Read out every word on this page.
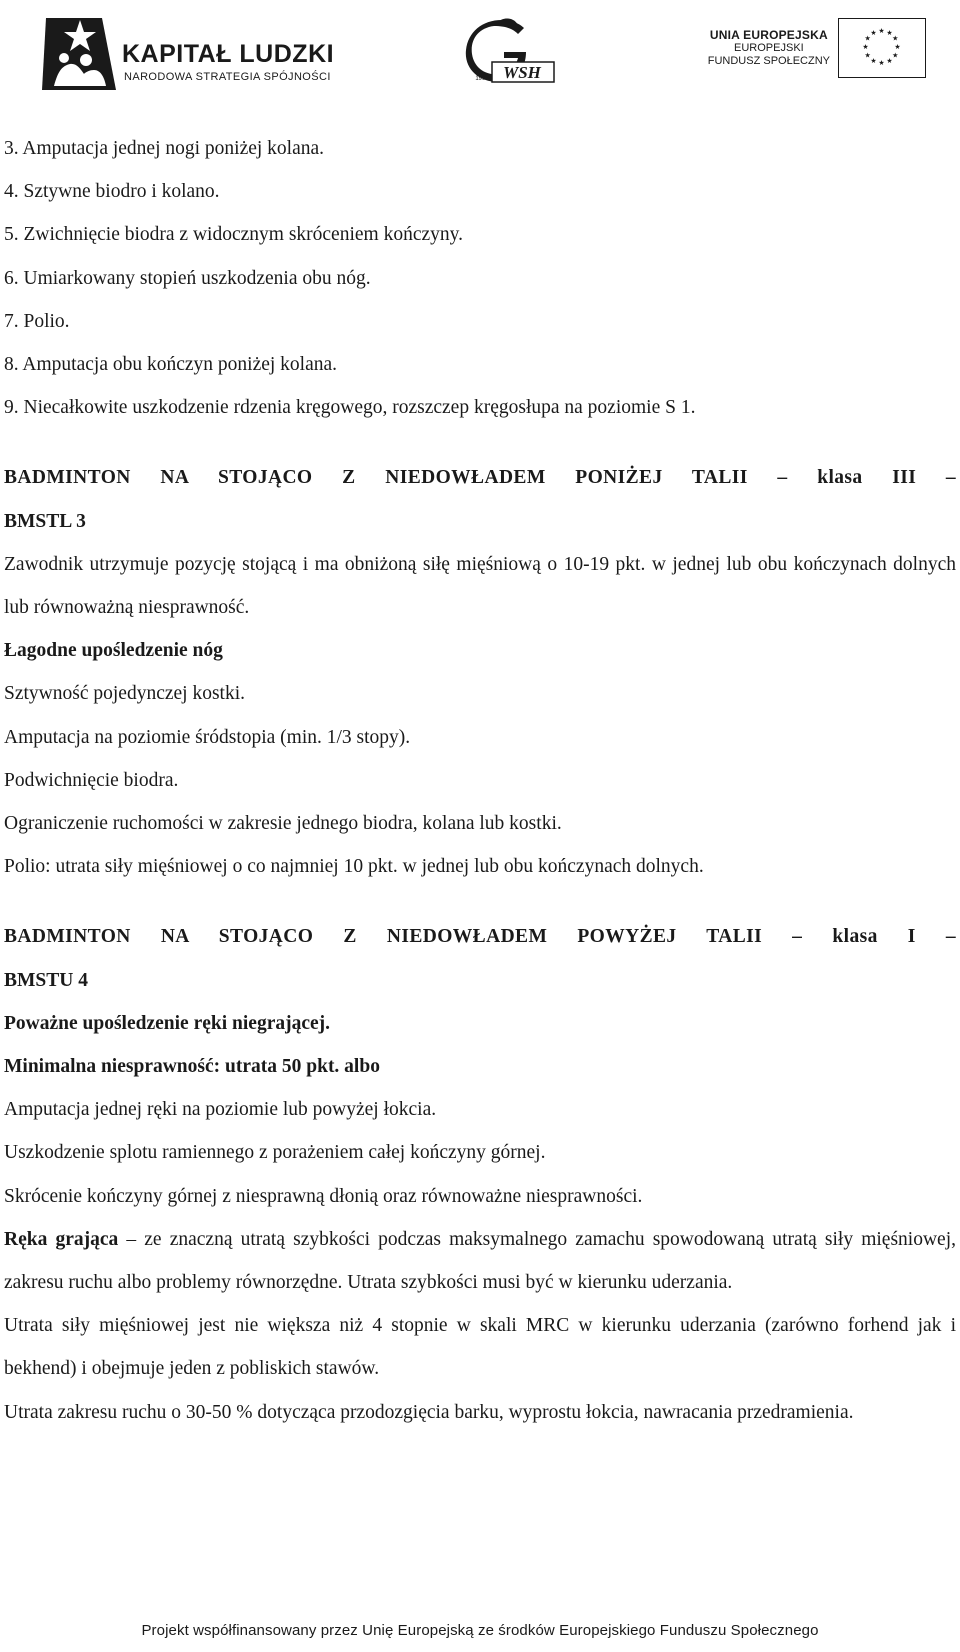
KAPITAŁ LUDZKI
NARODOWA STRATEGIA SPÓJNOŚCI	WSH
1997
UNIA EUROPEJSKA
EUROPEJSKI
FUNDUSZ SPOŁECZNY
★ ★
★
★
★
★
★
★
★
★
★
★

3. Amputacja jednej nogi poniżej kolana.

4. Sztywne biodro i kolano.

5. Zwichnięcie biodra z widocznym skróceniem kończyny.

6. Umiarkowany stopień uszkodzenia obu nóg.

7. Polio.

8. Amputacja obu kończyn poniżej kolana.

9. Niecałkowite uszkodzenie rdzenia kręgowego, rozszczep kręgosłupa na poziomie S 1.

BADMINTON NA STOJĄCO Z NIEDOWŁADEM PONIŻEJ TALII – klasa III –

BMSTL 3

Zawodnik utrzymuje pozycję stojącą i ma obniżoną siłę mięśniową o 10-19 pkt. w jednej lub obu kończynach dolnych lub równoważną niesprawność.

Łagodne upośledzenie nóg

Sztywność pojedynczej kostki.

Amputacja na poziomie śródstopia (min. 1/3 stopy).

Podwichnięcie biodra.

Ograniczenie ruchomości w zakresie jednego biodra, kolana lub kostki.

Polio: utrata siły mięśniowej o co najmniej 10 pkt. w jednej lub obu kończynach dolnych.

BADMINTON NA STOJĄCO Z NIEDOWŁADEM POWYŻEJ TALII – klasa I –

BMSTU 4

Poważne upośledzenie ręki niegrającej.

Minimalna niesprawność: utrata 50 pkt. albo

Amputacja jednej ręki na poziomie lub powyżej łokcia.

Uszkodzenie splotu ramiennego z porażeniem całej kończyny górnej.

Skrócenie kończyny górnej z niesprawną dłonią oraz równoważne niesprawności.

Ręka grająca – ze znaczną utratą szybkości podczas maksymalnego zamachu spowodowaną utratą siły mięśniowej, zakresu ruchu albo problemy równorzędne. Utrata szybkości musi być w kierunku uderzania.

Utrata siły mięśniowej jest nie większa niż 4 stopnie w skali MRC w kierunku uderzania (zarówno forhend jak i bekhend) i obejmuje jeden z pobliskich stawów.

Utrata zakresu ruchu o 30-50 % dotycząca przodozgięcia barku, wyprostu łokcia, nawracania przedramienia.

Projekt współfinansowany przez Unię Europejską ze środków Europejskiego Funduszu Społecznego
